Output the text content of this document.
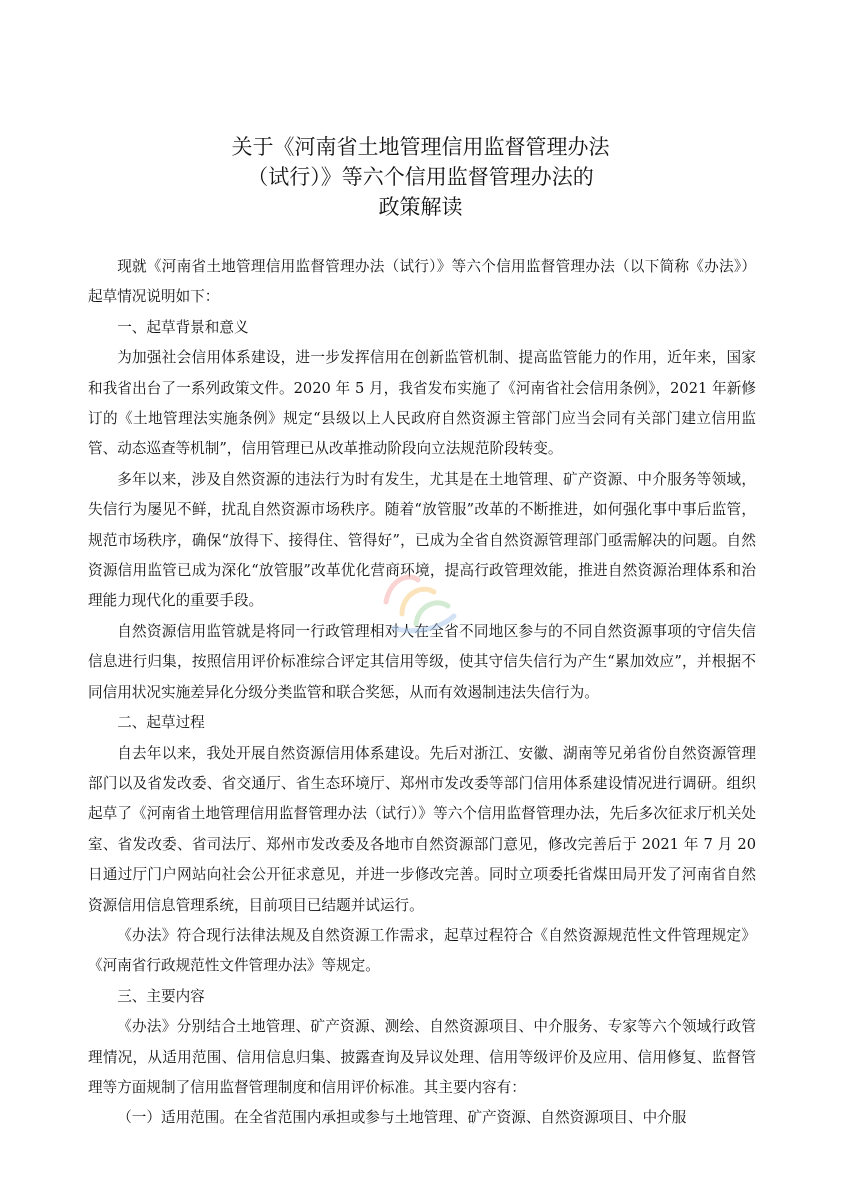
关于《河南省土地管理信用监督管理办法
（试行）》等六个信用监督管理办法的
政策解读

现就《河南省土地管理信用监督管理办法（试行）》等六个信用监督管理办法（以下简称《办法》）起草情况说明如下：

一、起草背景和意义

为加强社会信用体系建设，进一步发挥信用在创新监管机制、提高监管能力的作用，近年来，国家和我省出台了一系列政策文件。2020 年 5 月，我省发布实施了《河南省社会信用条例》，2021 年新修订的《土地管理法实施条例》规定“县级以上人民政府自然资源主管部门应当会同有关部门建立信用监管、动态巡查等机制”，信用管理已从改革推动阶段向立法规范阶段转变。

多年以来，涉及自然资源的违法行为时有发生，尤其是在土地管理、矿产资源、中介服务等领域，失信行为屡见不鲜，扰乱自然资源市场秩序。随着“放管服”改革的不断推进，如何强化事中事后监管，规范市场秩序，确保“放得下、接得住、管得好”，已成为全省自然资源管理部门亟需解决的问题。自然资源信用监管已成为深化“放管服”改革优化营商环境，提高行政管理效能，推进自然资源治理体系和治理能力现代化的重要手段。

自然资源信用监管就是将同一行政管理相对人在全省不同地区参与的不同自然资源事项的守信失信信息进行归集，按照信用评价标准综合评定其信用等级，使其守信失信行为产生“累加效应”，并根据不同信用状况实施差异化分级分类监管和联合奖惩，从而有效遏制违法失信行为。

二、起草过程

自去年以来，我处开展自然资源信用体系建设。先后对浙江、安徽、湖南等兄弟省份自然资源管理部门以及省发改委、省交通厅、省生态环境厅、郑州市发改委等部门信用体系建设情况进行调研。组织起草了《河南省土地管理信用监督管理办法（试行）》等六个信用监督管理办法，先后多次征求厅机关处室、省发改委、省司法厅、郑州市发改委及各地市自然资源部门意见，修改完善后于 2021 年 7 月 20 日通过厅门户网站向社会公开征求意见，并进一步修改完善。同时立项委托省煤田局开发了河南省自然资源信用信息管理系统，目前项目已结题并试运行。

《办法》符合现行法律法规及自然资源工作需求，起草过程符合《自然资源规范性文件管理规定》《河南省行政规范性文件管理办法》等规定。

三、主要内容

《办法》分别结合土地管理、矿产资源、测绘、自然资源项目、中介服务、专家等六个领域行政管理情况，从适用范围、信用信息归集、披露查询及异议处理、信用等级评价及应用、信用修复、监督管理等方面规制了信用监督管理制度和信用评价标准。其主要内容有：

（一）适用范围。在全省范围内承担或参与土地管理、矿产资源、自然资源项目、中介服
